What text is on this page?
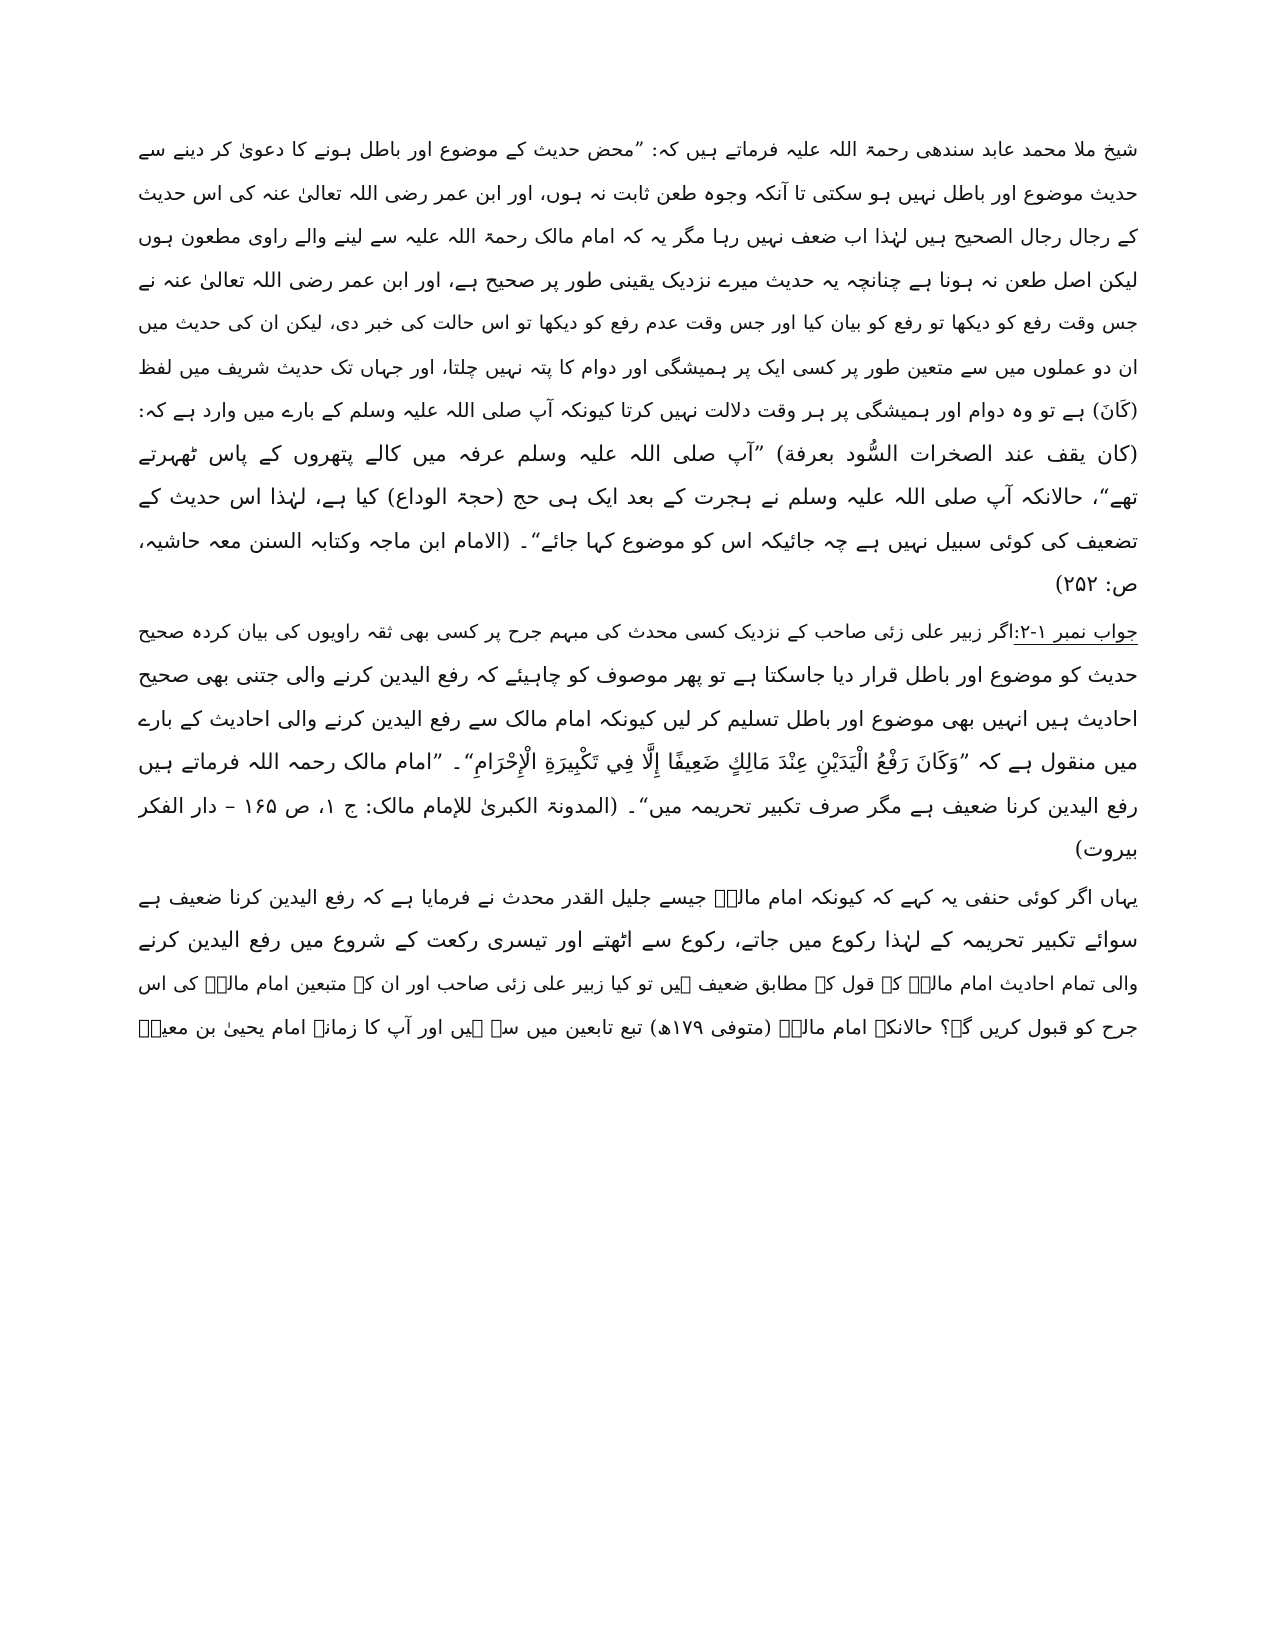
شیخ ملا محمد عابد سندھی رحمۃ اللہ علیہ فرماتے ہیں کہ: ”محض حدیث کے موضوع اور باطل ہونے کا دعویٰ کر دینے سے
حدیث موضوع اور باطل نہیں ہو سکتی تا آنکہ وجوہ طعن ثابت نہ ہوں، اور ابن عمر رضی اللہ تعالیٰ عنہ کی اس حدیث
کے رجال رجال الصحیح ہیں لہٰذا اب ضعف نہیں رہا مگر یہ کہ امام مالک رحمۃ اللہ علیہ سے لینے والے راوی مطعون ہوں
لیکن اصل طعن نہ ہونا ہے چنانچہ یہ حدیث میرے نزدیک یقینی طور پر صحیح ہے، اور ابن عمر رضی اللہ تعالیٰ عنہ نے
جس وقت رفع کو دیکھا تو رفع کو بیان کیا اور جس وقت عدم رفع کو دیکھا تو اس حالت کی خبر دی، لیکن ان کی حدیث میں
ان دو عملوں میں سے متعین طور پر کسی ایک پر ہمیشگی اور دوام کا پتہ نہیں چلتا، اور جہاں تک حدیث شریف میں لفظ
(کَانَ) ہے تو وہ دوام اور ہمیشگی پر ہر وقت دلالت نہیں کرتا کیونکہ آپ صلی اللہ علیہ وسلم کے بارے میں وارد ہے کہ:
(كان يقف عند الصخرات السُّود بعرفة) ”آپ صلی اللہ علیہ وسلم عرفہ میں کالے پتھروں کے پاس ٹھہرتے
تھے“، حالانکہ آپ صلی اللہ علیہ وسلم نے ہجرت کے بعد ایک ہی حج (حجۃ الوداع) کیا ہے، لہٰذا اس حدیث کے
تضعیف کی کوئی سبیل نہیں ہے چہ جائیکہ اس کو موضوع کہا جائے“۔ (الامام ابن ماجہ وکتابہ السنن معہ حاشیہ،
ص: ۲۵۲)
جواب نمبر ۱-۲:اگر زبیر علی زئی صاحب کے نزدیک کسی محدث کی مبہم جرح پر کسی بھی ثقہ راویوں کی بیان کردہ صحیح
حدیث کو موضوع اور باطل قرار دیا جاسکتا ہے تو پھر موصوف کو چاہیئے کہ رفع الیدین کرنے والی جتنی بھی صحیح
احادیث ہیں انہیں بھی موضوع اور باطل تسلیم کر لیں کیونکہ امام مالک سے رفع الیدین کرنے والی احادیث کے بارے
میں منقول ہے کہ ”وَكَانَ رَفْعُ الْيَدَيْنِ عِنْدَ مَالِكٍ ضَعِيفًا إِلَّا فِي تَكْبِيرَةِ الْإِحْرَامِ“۔ ”امام مالک رحمہ اللہ فرماتے ہیں
رفع الیدین کرنا ضعیف ہے مگر صرف تکبیر تحریمہ میں“۔ (المدونۃ الکبریٰ للإمام مالک: ج ۱، ص ۱۶۵ – دار الفکر
بیروت)
یہاں اگر کوئی حنفی یہ کہے کہ کیونکہ امام مالکؒ جیسے جلیل القدر محدث نے فرمایا ہے کہ رفع الیدین کرنا ضعیف ہے
سوائے تکبیر تحریمہ کے لہٰذا رکوع میں جاتے، رکوع سے اٹھتے اور تیسری رکعت کے شروع میں رفع الیدین کرنے
والی تمام احادیث امام مالکؒ کے قول کے مطابق ضعیف ہیں تو کیا زبیر علی زئی صاحب اور ان کے متبعین امام مالکؒ کی اس
جرح کو قبول کریں گے؟ حالانکہ امام مالکؒ (متوفی ۱۷۹ھ) تبع تابعین میں سے ہیں اور آپ کا زمانہ امام یحییٰ بن معینؒ
